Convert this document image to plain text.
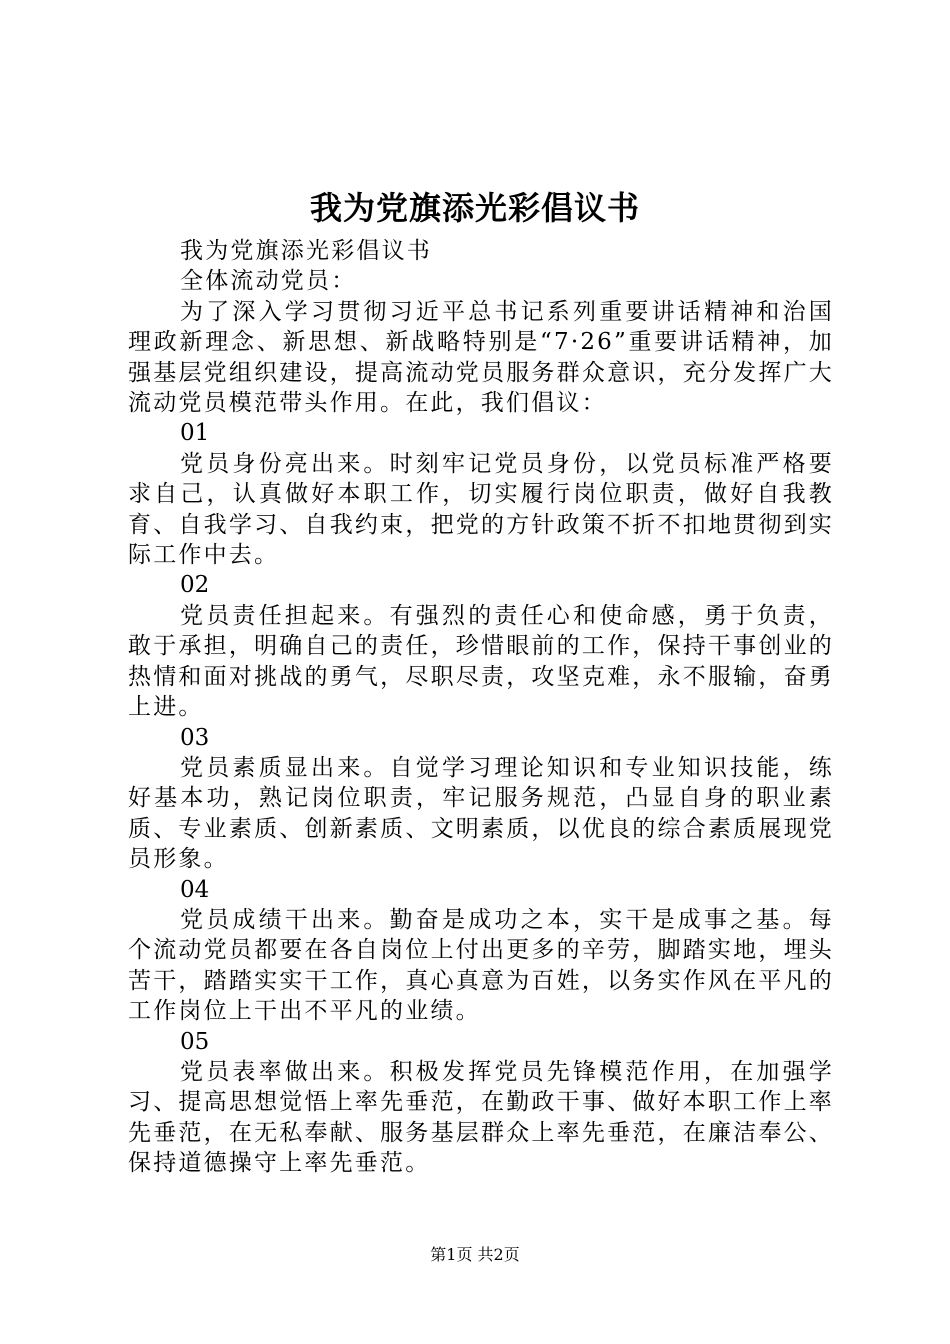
我为党旗添光彩倡议书

我为党旗添光彩倡议书

全体流动党员：

为了深入学习贯彻习近平总书记系列重要讲话精神和治国理政新理念、新思想、新战略特别是“7·26”重要讲话精神，加强基层党组织建设，提高流动党员服务群众意识，充分发挥广大流动党员模范带头作用。在此，我们倡议：

01

党员身份亮出来。时刻牢记党员身份，以党员标准严格要求自己，认真做好本职工作，切实履行岗位职责，做好自我教育、自我学习、自我约束，把党的方针政策不折不扣地贯彻到实际工作中去。

02

党员责任担起来。有强烈的责任心和使命感，勇于负责，敢于承担，明确自己的责任，珍惜眼前的工作，保持干事创业的热情和面对挑战的勇气，尽职尽责，攻坚克难，永不服输，奋勇上进。

03

党员素质显出来。自觉学习理论知识和专业知识技能，练好基本功，熟记岗位职责，牢记服务规范，凸显自身的职业素质、专业素质、创新素质、文明素质，以优良的综合素质展现党员形象。

04

党员成绩干出来。勤奋是成功之本，实干是成事之基。每个流动党员都要在各自岗位上付出更多的辛劳，脚踏实地，埋头苦干，踏踏实实干工作，真心真意为百姓，以务实作风在平凡的工作岗位上干出不平凡的业绩。

05

党员表率做出来。积极发挥党员先锋模范作用，在加强学习、提高思想觉悟上率先垂范，在勤政干事、做好本职工作上率先垂范，在无私奉献、服务基层群众上率先垂范，在廉洁奉公、保持道德操守上率先垂范。

第1页 共2页
